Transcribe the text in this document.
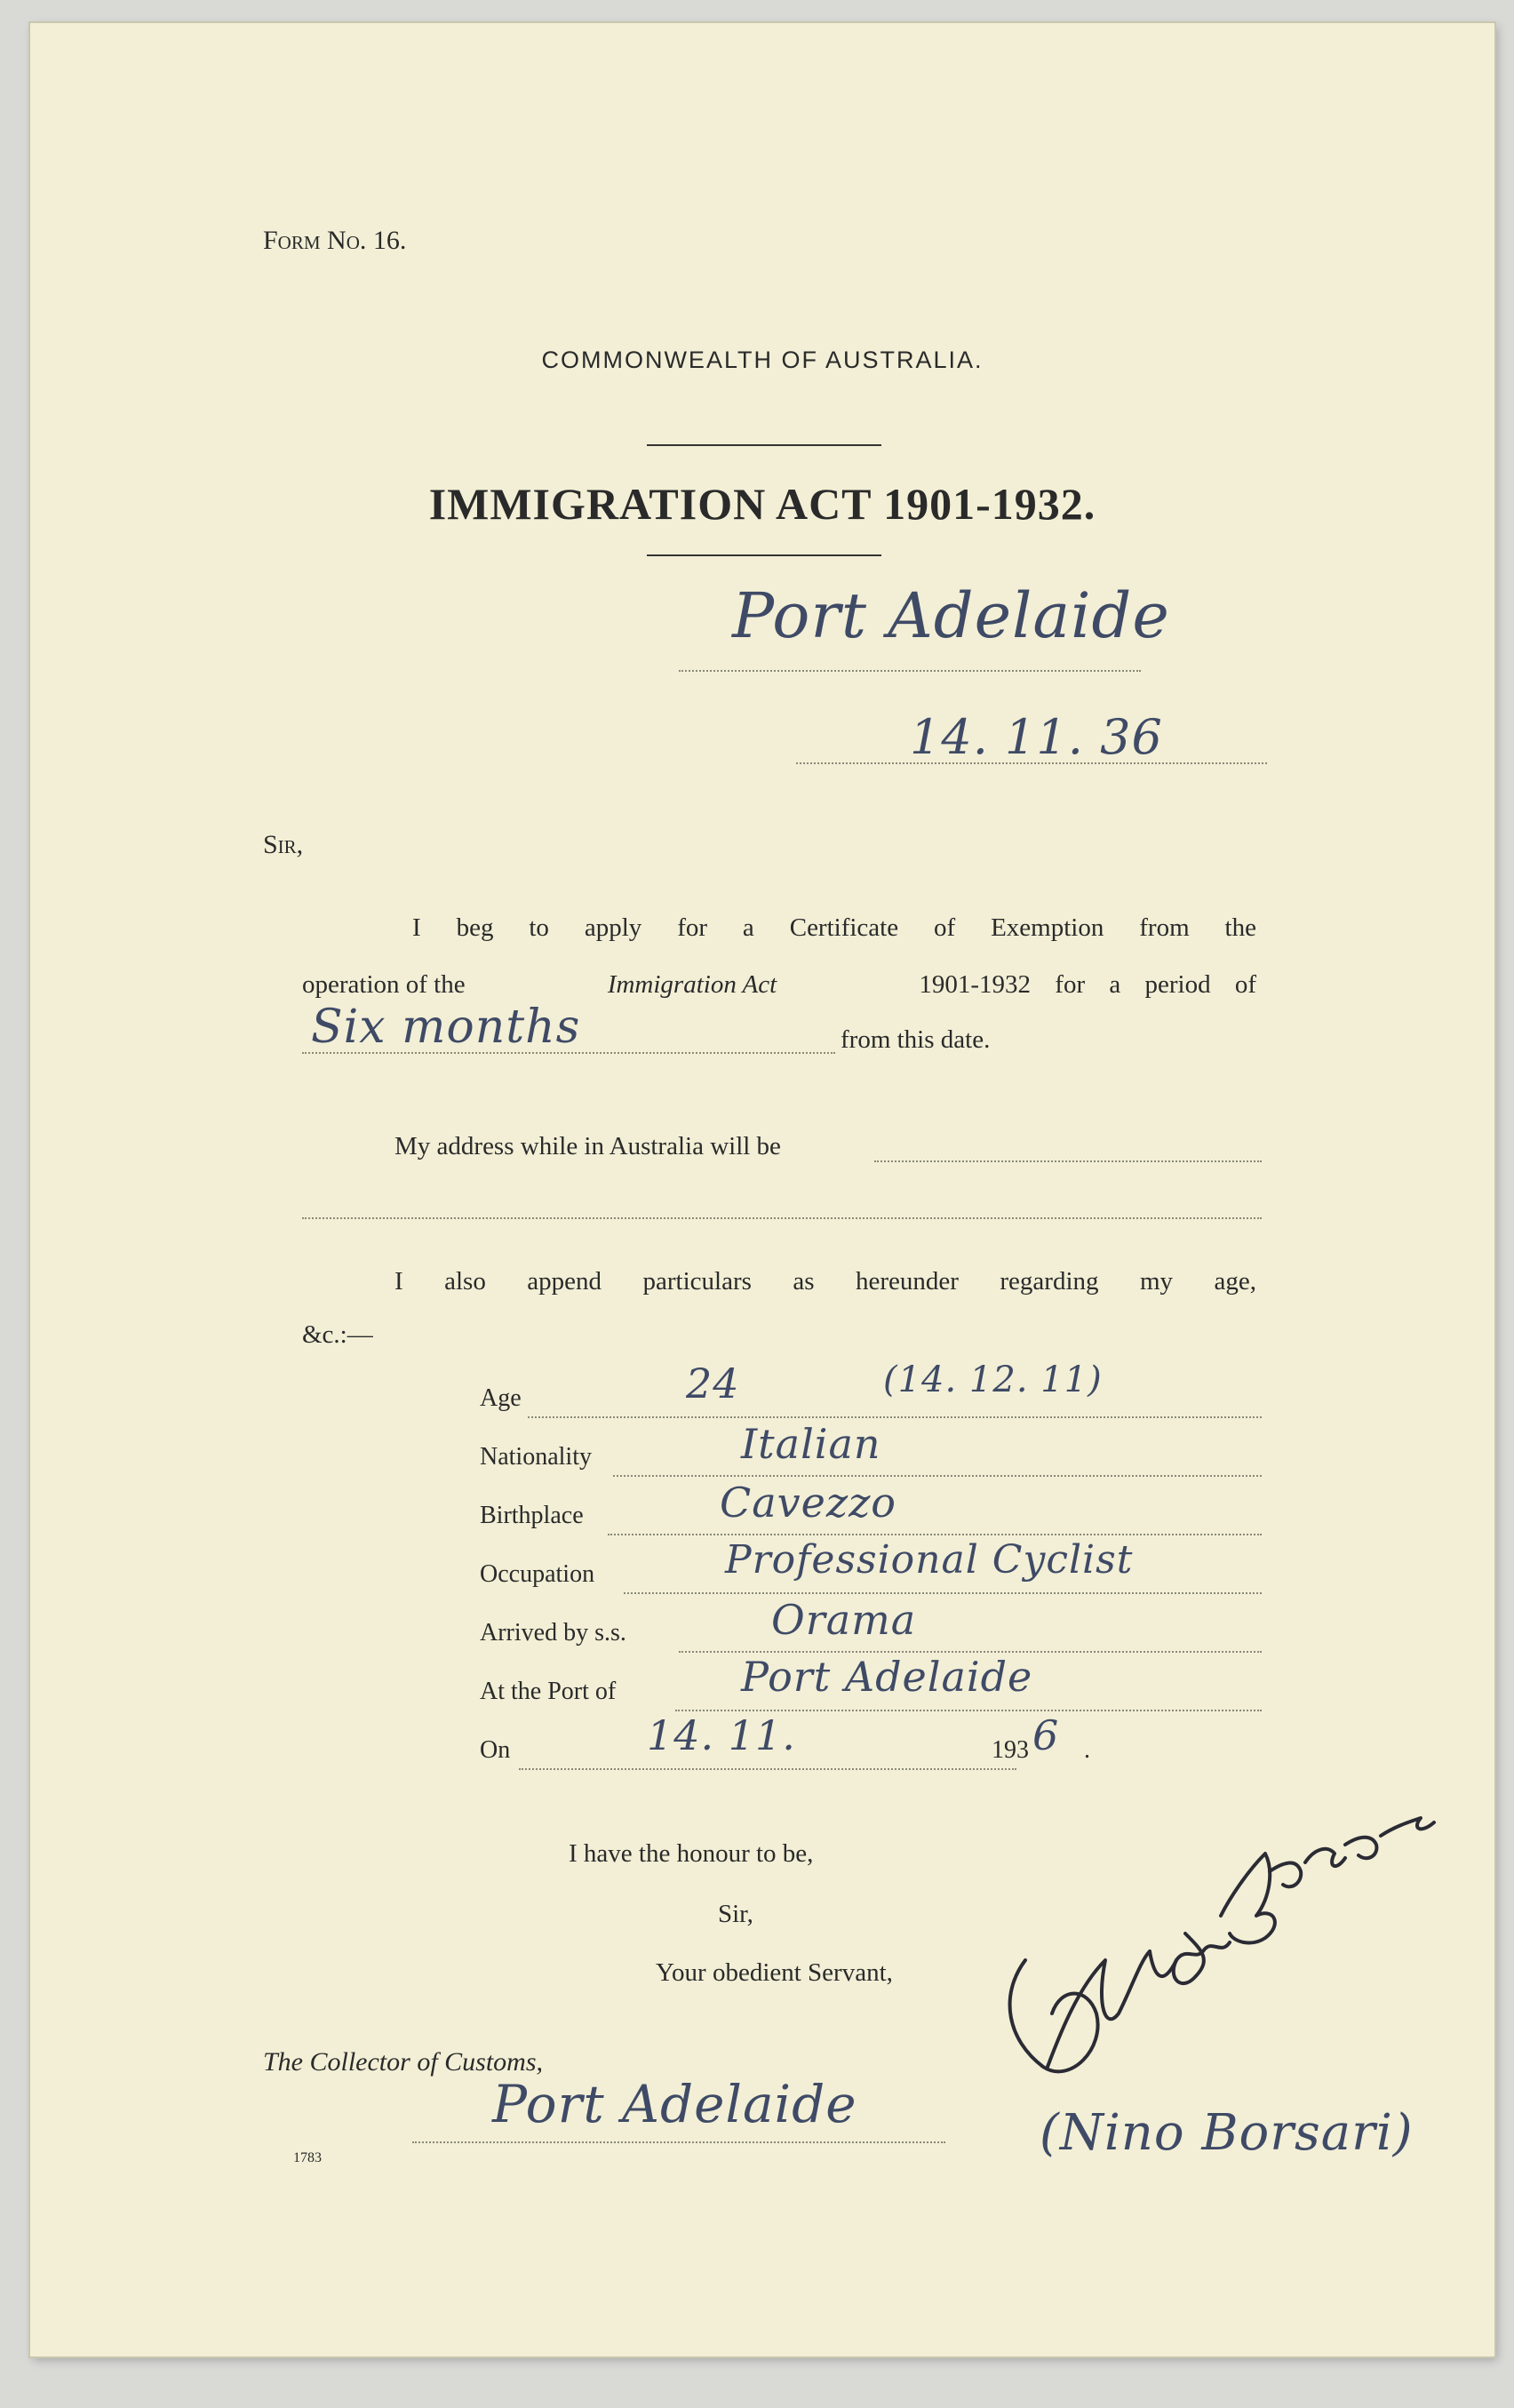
Form No. 16.
COMMONWEALTH OF AUSTRALIA.
IMMIGRATION ACT 1901-1932.
Port Adelaide
14. 11. 36
Sir,
I beg to apply for a Certificate of Exemption from the
operation of the	Immigration Act	1901-1932 for a period of
Six months	from this date.
My address while in Australia will be
I also append particulars as hereunder regarding my age,
&c.:—
Age	24	(14. 12. 11)
Nationality	Italian
Birthplace	Cavezzo
Occupation	Professional Cyclist
Arrived by s.s.	Orama
At the Port of	Port Adelaide
On	14. 11.	193 6 .
I have the honour to be,
Sir,
Your obedient Servant,
The Collector of Customs,
Port Adelaide
1783	(Nino Borsari)
